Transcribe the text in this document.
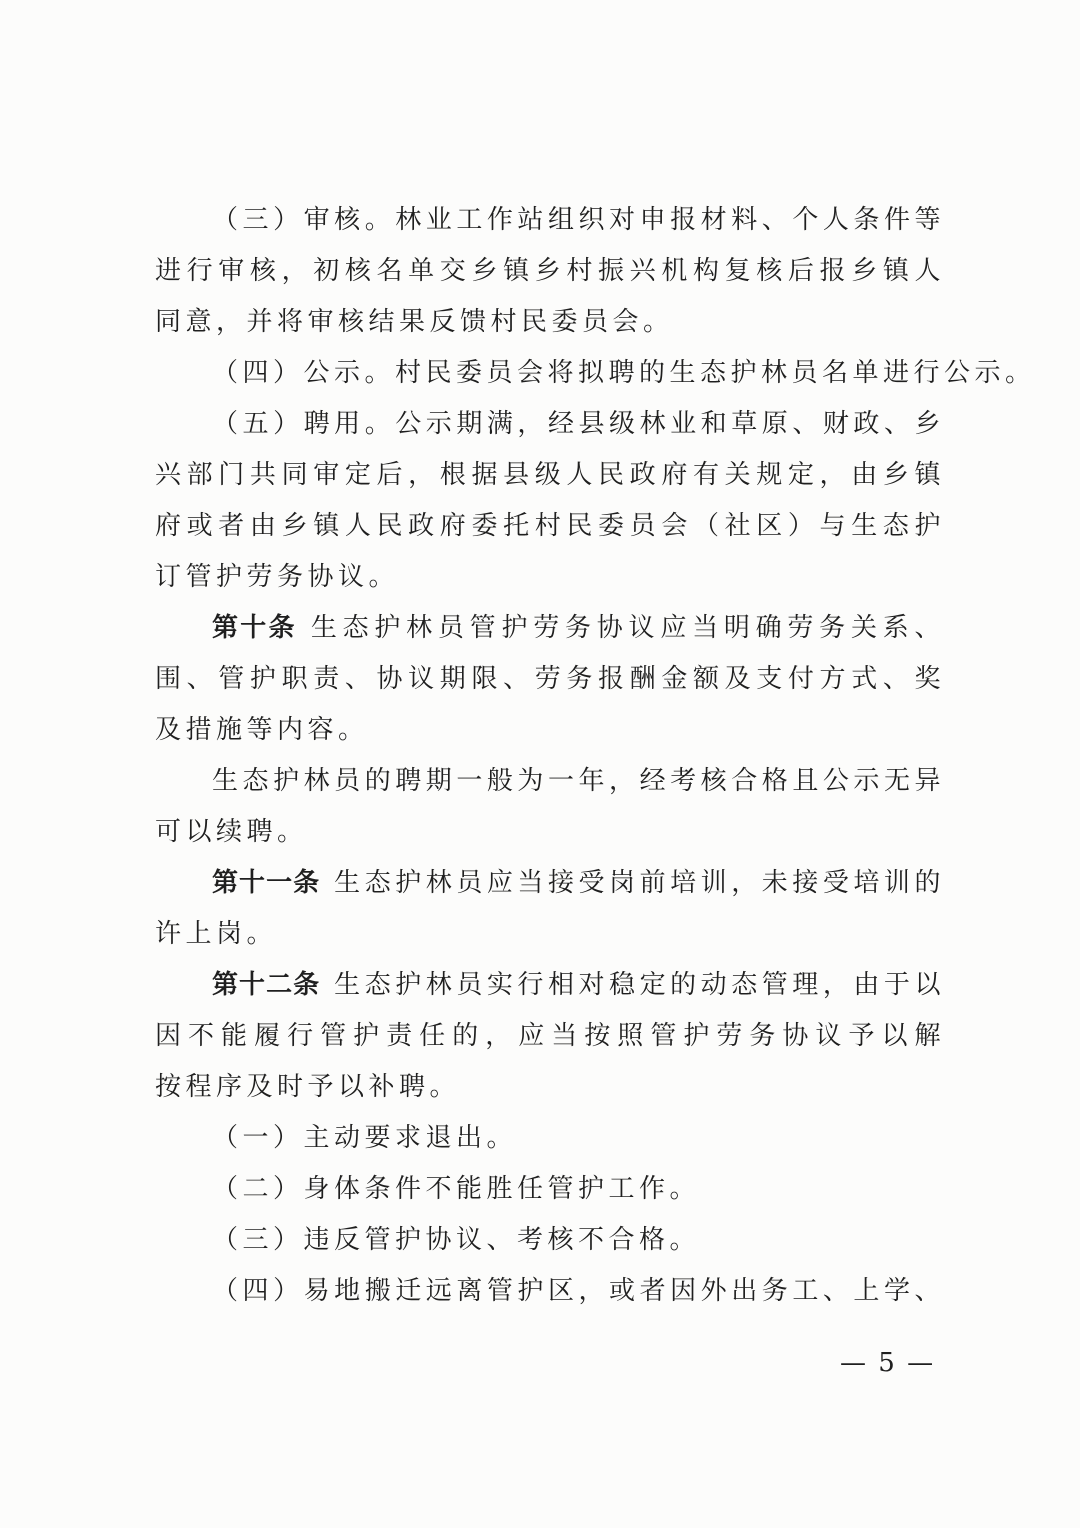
（三）审核。林业工作站组织对申报材料、个人条件等
进行审核，初核名单交乡镇乡村振兴机构复核后报乡镇人
同意，并将审核结果反馈村民委员会。
（四）公示。村民委员会将拟聘的生态护林员名单进行公示。
（五）聘用。公示期满，经县级林业和草原、财政、乡
兴部门共同审定后，根据县级人民政府有关规定，由乡镇
府或者由乡镇人民政府委托村民委员会（社区）与生态护
订管护劳务协议。
第十条 生态护林员管护劳务协议应当明确劳务关系、
围、管护职责、协议期限、劳务报酬金额及支付方式、奖
及措施等内容。
生态护林员的聘期一般为一年，经考核合格且公示无异
可以续聘。
第十一条 生态护林员应当接受岗前培训，未接受培训的
许上岗。
第十二条 生态护林员实行相对稳定的动态管理，由于以
因不能履行管护责任的，应当按照管护劳务协议予以解
按程序及时予以补聘。
（一）主动要求退出。
（二）身体条件不能胜任管护工作。
（三）违反管护协议、考核不合格。
（四）易地搬迁远离管护区，或者因外出务工、上学、
— 5 —
